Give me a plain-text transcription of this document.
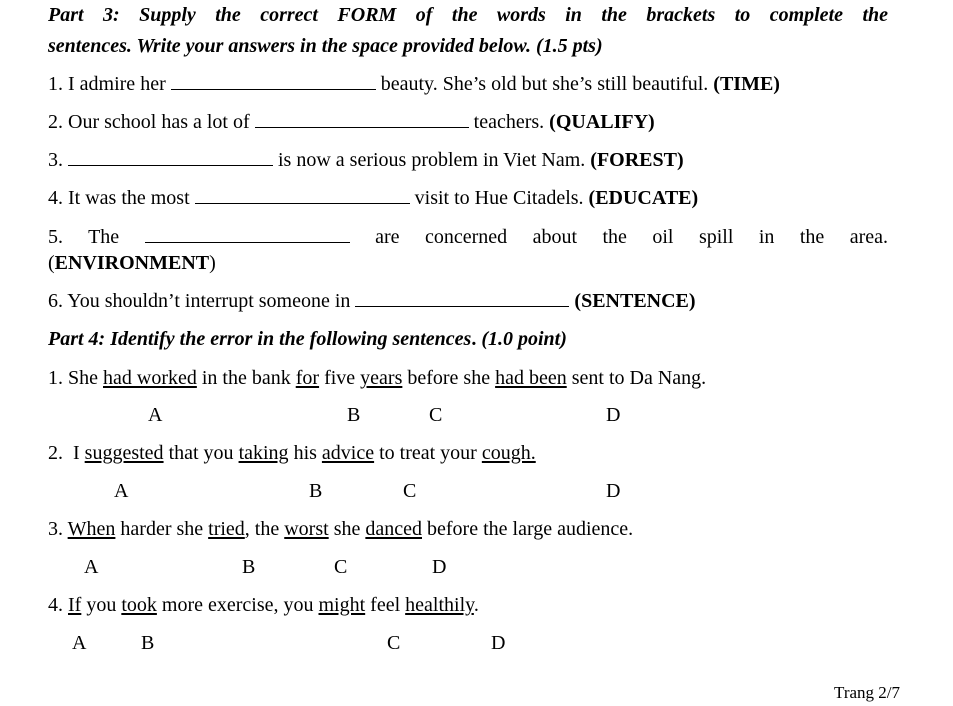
Part 3: Supply the correct FORM of the words in the brackets to complete the
sentences. Write your answers in the space provided below. (1.5 pts)
1. I admire her	beauty. She’s old but she’s still beautiful. (TIME)
2. Our school has a lot of	teachers. (QUALIFY)
3.	is now a serious problem in Viet Nam. (FOREST)
4. It was the most	visit to Hue Citadels. (EDUCATE)
5. The	are concerned about the oil spill in the area.
(ENVIRONMENT)
6. You shouldn’t interrupt someone in	(SENTENCE)
Part 4: Identify the error in the following sentences. (1.0 point)
1. She had worked in the bank for five years before she had been sent to Da Nang.
A	B	C	D
2.  I suggested that you taking his advice to treat your cough.
A	B	C	D
3. When harder she tried, the worst she danced before the large audience.
A	B	C	D
4. If you took more exercise, you might feel healthily.
A	B	C	D
Trang 2/7
